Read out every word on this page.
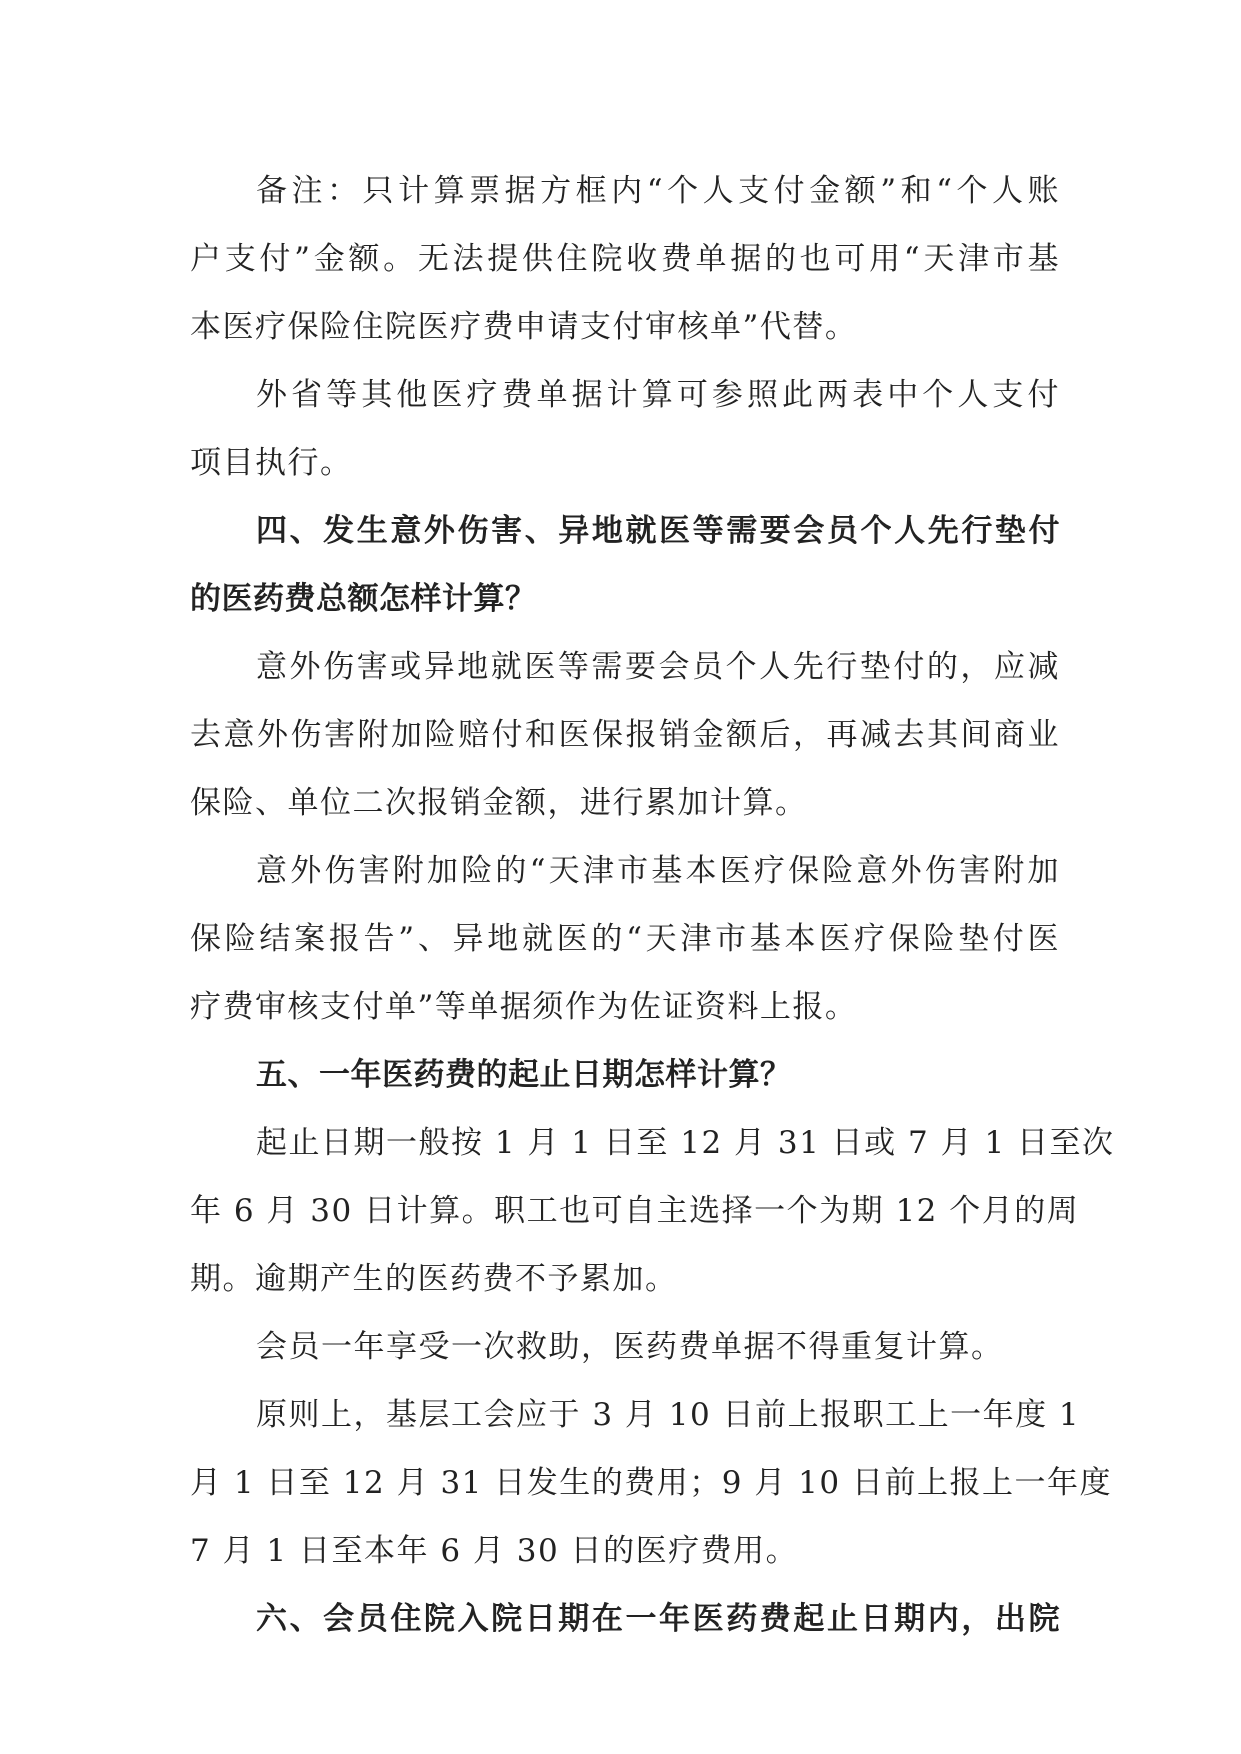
备注：只计算票据方框内“个人支付金额”和“个人账
户支付”金额。无法提供住院收费单据的也可用“天津市基
本医疗保险住院医疗费申请支付审核单”代替。
外省等其他医疗费单据计算可参照此两表中个人支付
项目执行。
四、发生意外伤害、异地就医等需要会员个人先行垫付
的医药费总额怎样计算？
意外伤害或异地就医等需要会员个人先行垫付的，应减
去意外伤害附加险赔付和医保报销金额后，再减去其间商业
保险、单位二次报销金额，进行累加计算。
意外伤害附加险的“天津市基本医疗保险意外伤害附加
保险结案报告”、异地就医的“天津市基本医疗保险垫付医
疗费审核支付单”等单据须作为佐证资料上报。
五、一年医药费的起止日期怎样计算？
起止日期一般按 1 月 1 日至 12 月 31 日或 7 月 1 日至次
年 6 月 30 日计算。职工也可自主选择一个为期 12 个月的周
期。逾期产生的医药费不予累加。
会员一年享受一次救助，医药费单据不得重复计算。
原则上，基层工会应于 3 月 10 日前上报职工上一年度 1
月 1 日至 12 月 31 日发生的费用；9 月 10 日前上报上一年度
7 月 1 日至本年 6 月 30 日的医疗费用。
六、会员住院入院日期在一年医药费起止日期内，出院
